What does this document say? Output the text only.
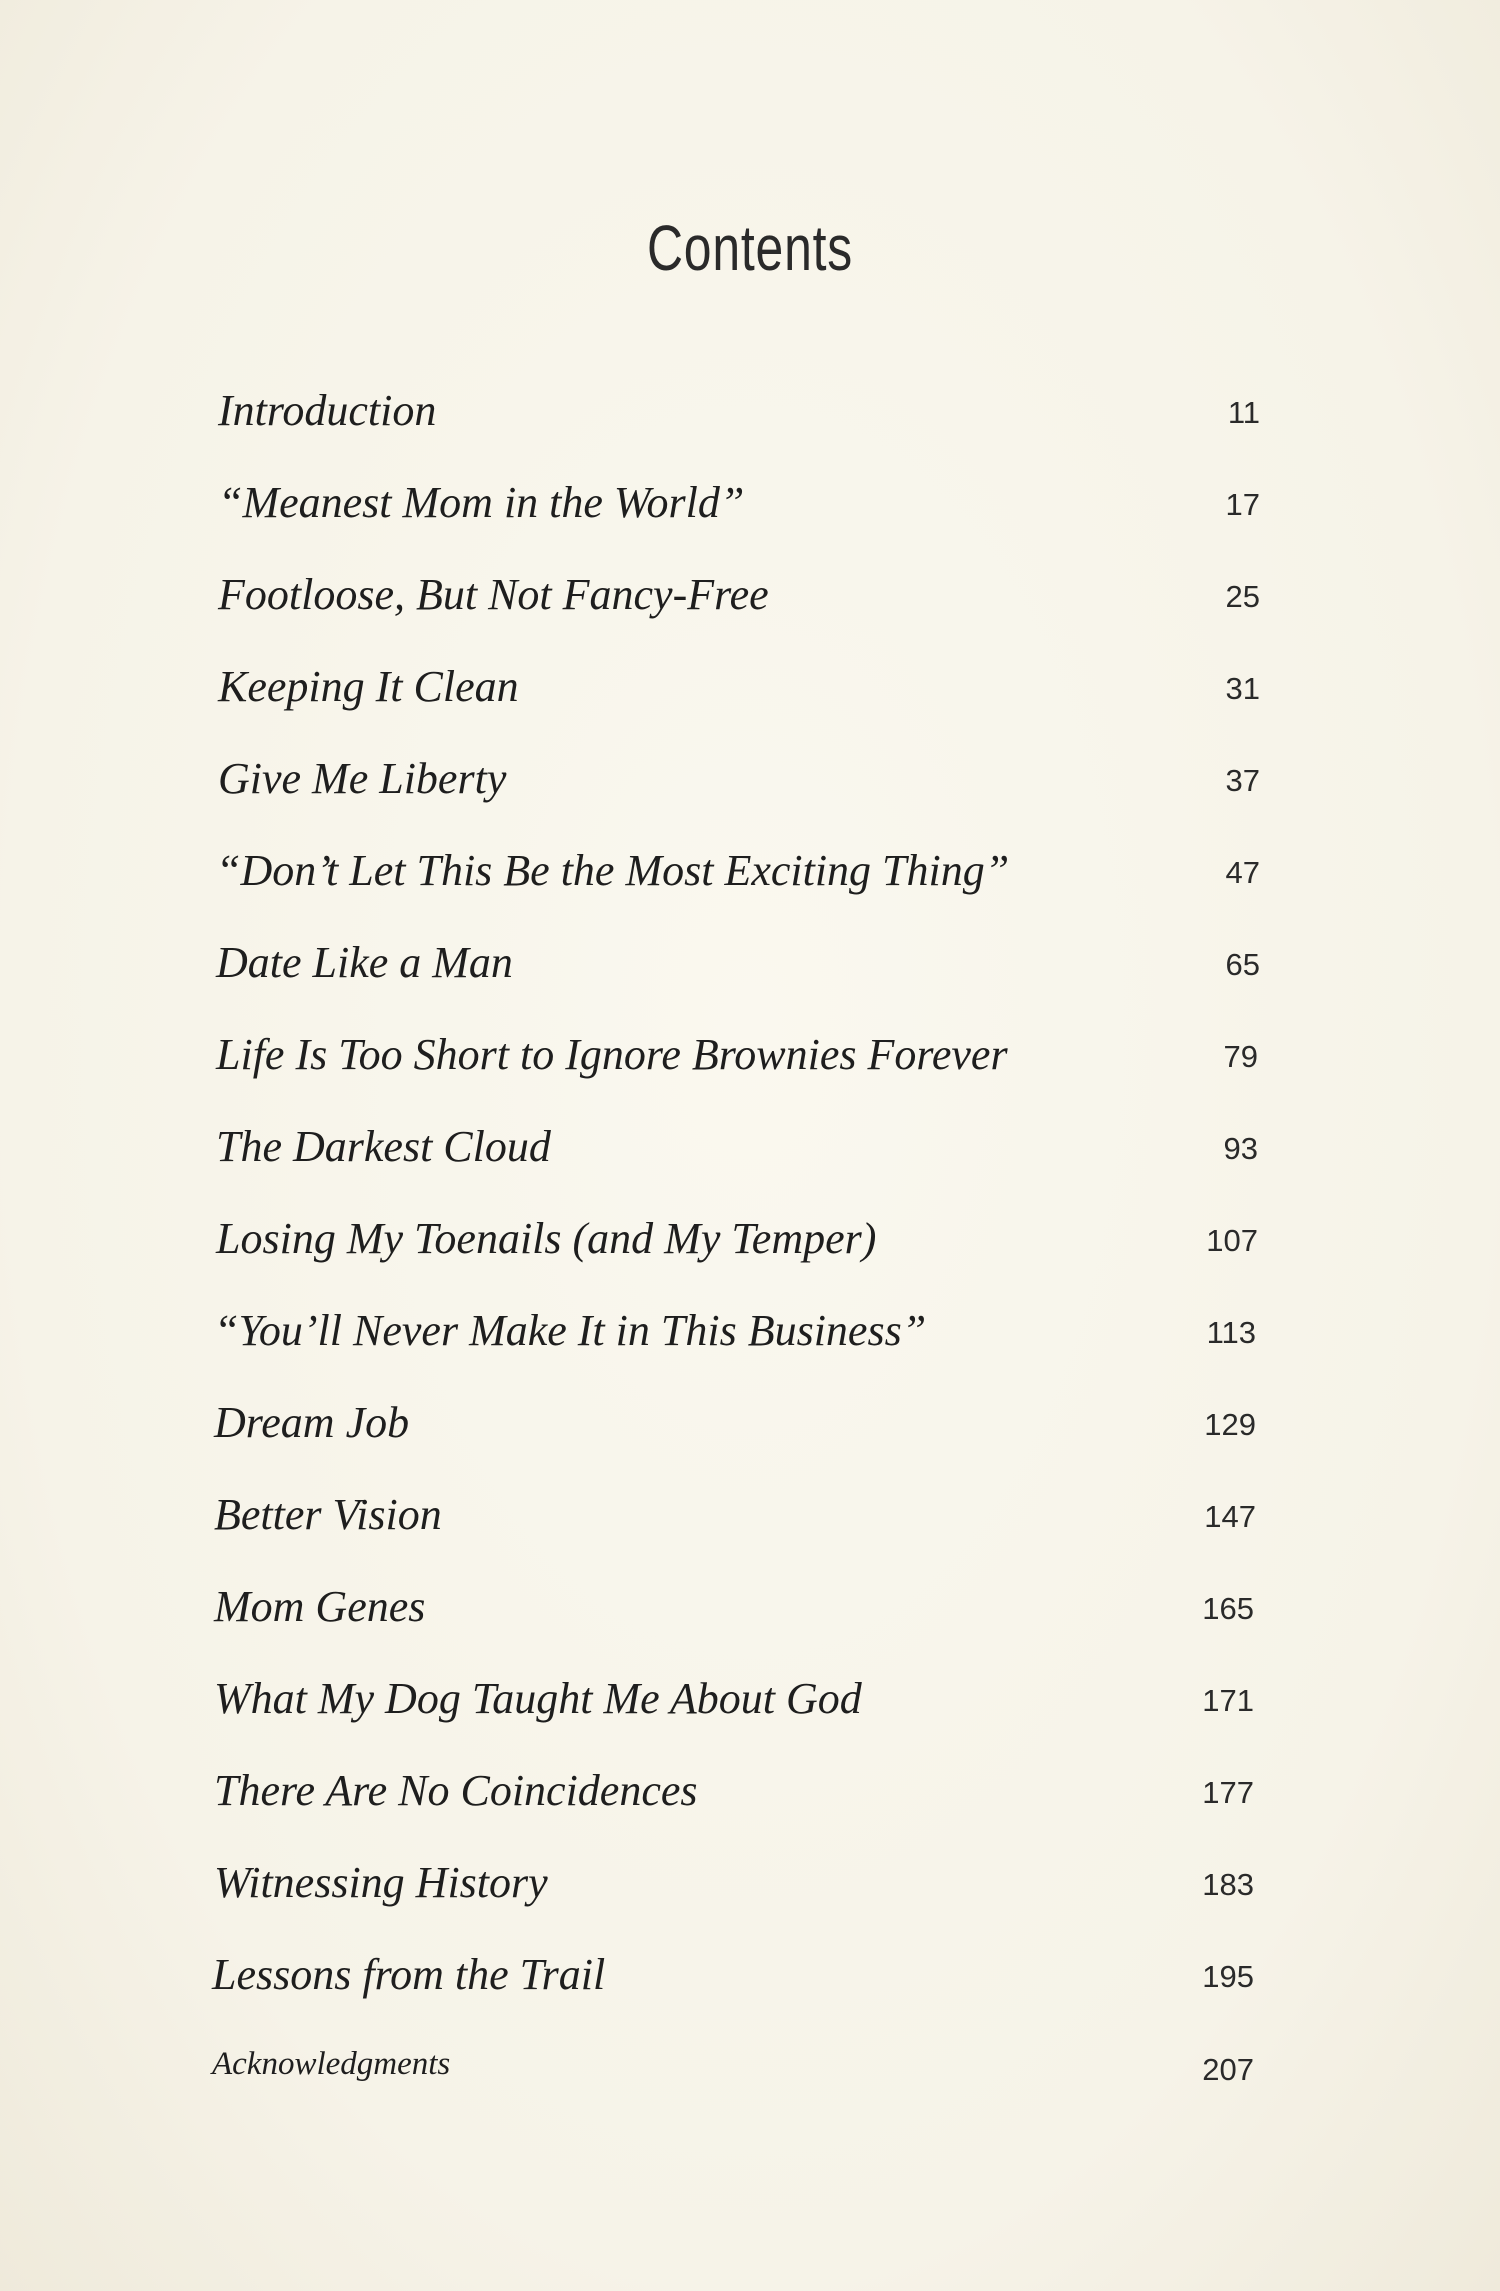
Contents
Introduction	11
“Meanest Mom in the World”	17
Footloose, But Not Fancy-Free	25
Keeping It Clean	31
Give Me Liberty	37
“Don’t Let This Be the Most Exciting Thing”	47
Date Like a Man	65
Life Is Too Short to Ignore Brownies Forever	79
The Darkest Cloud	93
Losing My Toenails (and My Temper)	107
“You’ll Never Make It in This Business”	113
Dream Job	129
Better Vision	147
Mom Genes	165
What My Dog Taught Me About God	171
There Are No Coincidences	177
Witnessing History	183
Lessons from the Trail	195
Acknowledgments	207
